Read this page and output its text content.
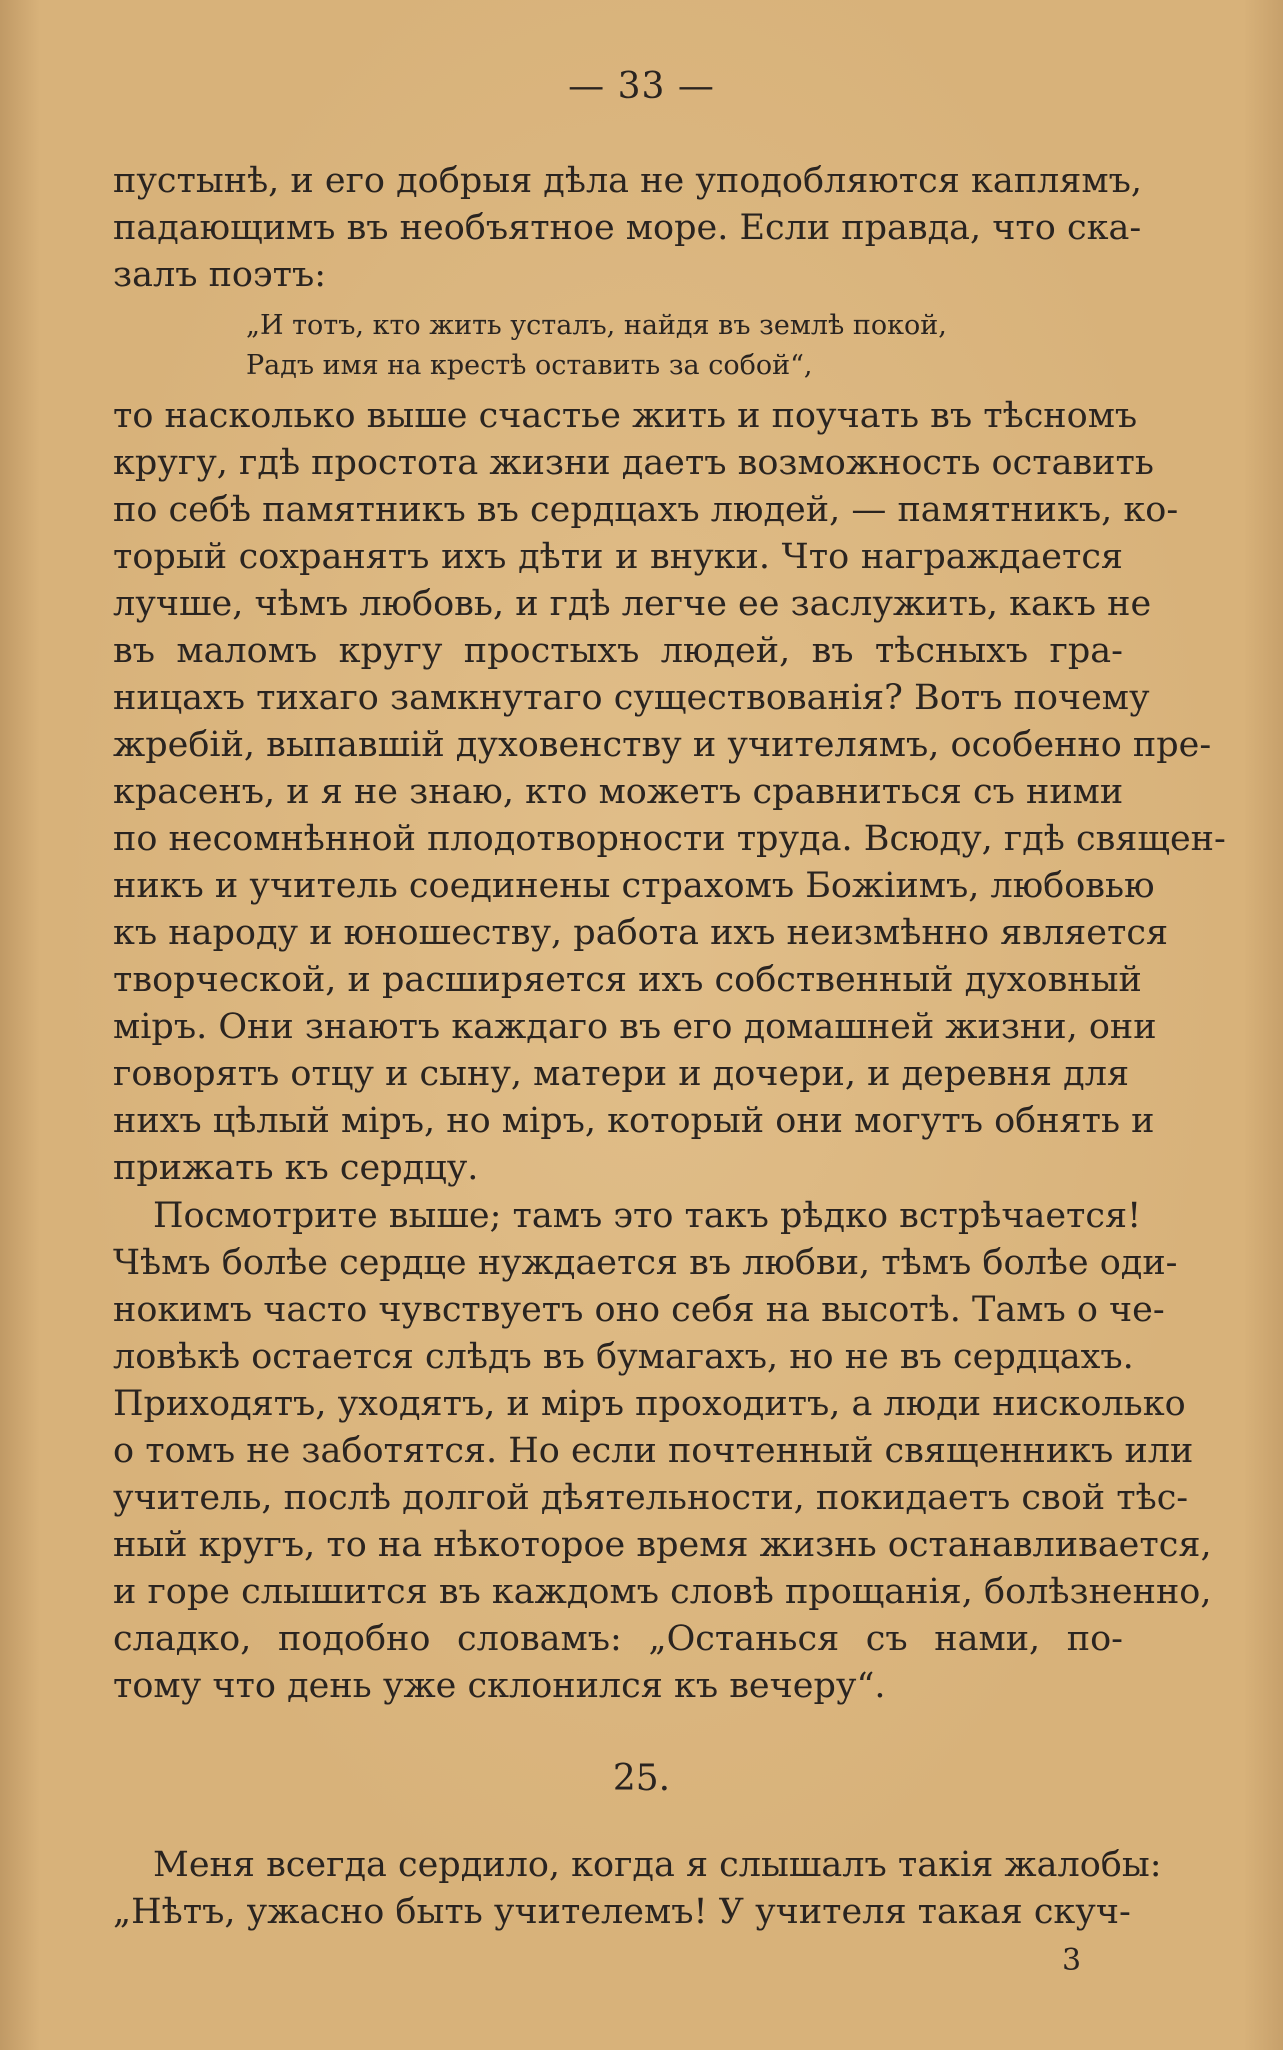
— 33 —
пустынѣ, и его добрыя дѣла не уподобляются каплямъ,
падающимъ въ необъятное море. Если правда, что ска-
залъ поэтъ:
„И тотъ, кто жить усталъ, найдя въ землѣ покой,
Радъ имя на крестѣ оставить за собой“,
то насколько выше счастье жить и поучать въ тѣсномъ
кругу, гдѣ простота жизни даетъ возможность оставить
по себѣ памятникъ въ сердцахъ людей, — памятникъ, ко-
торый сохранятъ ихъ дѣти и внуки. Что награждается
лучше, чѣмъ любовь, и гдѣ легче ее заслужить, какъ не
въ маломъ кругу простыхъ людей, въ тѣсныхъ гра-
ницахъ тихаго замкнутаго существованія? Вотъ почему
жребій, выпавшій духовенству и учителямъ, особенно пре-
красенъ, и я не знаю, кто можетъ сравниться съ ними
по несомнѣнной плодотворности труда. Всюду, гдѣ священ-
никъ и учитель соединены страхомъ Божіимъ, любовью
къ народу и юношеству, работа ихъ неизмѣнно является
творческой, и расширяется ихъ собственный духовный
міръ. Они знаютъ каждаго въ его домашней жизни, они
говорятъ отцу и сыну, матери и дочери, и деревня для
нихъ цѣлый міръ, но міръ, который они могутъ обнять и
прижать къ сердцу.
Посмотрите выше; тамъ это такъ рѣдко встрѣчается!
Чѣмъ болѣе сердце нуждается въ любви, тѣмъ болѣе оди-
нокимъ часто чувствуетъ оно себя на высотѣ. Тамъ о че-
ловѣкѣ остается слѣдъ въ бумагахъ, но не въ сердцахъ.
Приходятъ, уходятъ, и міръ проходитъ, а люди нисколько
о томъ не заботятся. Но если почтенный священникъ или
учитель, послѣ долгой дѣятельности, покидаетъ свой тѣс-
ный кругъ, то на нѣкоторое время жизнь останавливается,
и горе слышится въ каждомъ словѣ прощанія, болѣзненно,
сладко, подобно словамъ: „Останься съ нами, по-
тому что день уже склонился къ вечеру“.
25.
Меня всегда сердило, когда я слышалъ такія жалобы:
„Нѣтъ, ужасно быть учителемъ! У учителя такая скуч-
3
